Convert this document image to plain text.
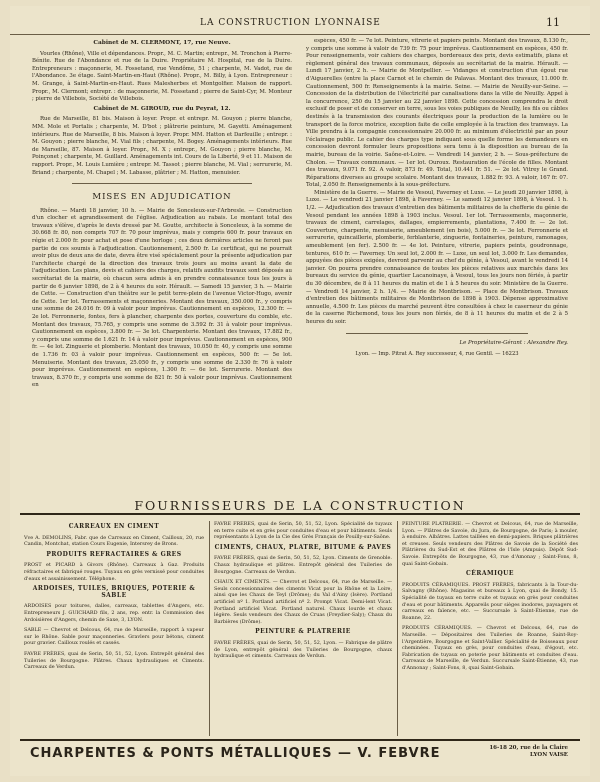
LA CONSTRUCTION LYONNAISE	11
Cabinet de M. CLERMONT, 17, rue Neuve.

Vourles (Rhône), Ville et dépendances. Propr., M. C. Martin; entrepr., M. Tronchon à Pierre-Bénite. Rue de l'Abondance et rue de la Duire. Propriétaire M. Hospital, rue de la Duire. Entrepreneurs : maçonnerie, M. Fossetand, rue Vendôme, 51 ; charpente, M. Vadot, rue de l'Abondance. 3e étage. Saint-Martin-en-Haut (Rhône). Propr., M. Billy, à Lyon. Entrepreneur : M. Grange, à Saint-Martin-en-Haut. Rues Malesherbes et Montgolfier. Maison de rapport. Propr., M. Clermont; entrepr. : de maçonnerie, M. Fossetand ; pierre de Saint-Cyr, M. Monteur ; pierre de Villebois, Société de Villebois.

Cabinet de M. GIROUD, rue du Peyrat, 12.

Rue de Marseille, 81 bis. Maison à loyer. Propr. et entrepr. M. Gouyon ; pierre blanche, MM. Mole et Portalis ; charpente, M. D'bot ; plâtrerie peinture, M. Gayetti. Aménagement intérieurs. Rue de Marseille, 8 bis. Maison à loyer. Propr. MM. Hatton et Darfeuille ; entrepr. : M. Gouyon ; pierre blanche, M. Vial fils ; charpente, M. Bogey. Aménagements intérieurs. Rue de Marseille, 87. Maison à loyer. Propr., M. X ; entrepr., M. Gouyon ; pierre blanche, M. Poinçonet ; charpente, M. Guillard. Aménagements int. Cours de la Liberté, 9 et 11. Maison de rapport. Propr., M. Louis Lumière ; entrepr. M. Tassot ; pierre blanche, M. Vial ; serrurerie, M. Briand ; charpente, M. Chapel ; M. Labasse, plâtrier ; M. Hatton, menuisier.

MISES EN ADJUDICATION

Rhône. — Mardi 18 janvier, 10 h. — Mairie de Sonceleux-sur-l'Arbresle. — Construction d'un clocher et agrandissement de l'église. Adjudication au rabais. Le montant total des travaux s'élève, d'après le devis dressé par M. Goutte, architecte à Sonceleux, à la somme de 30.668 fr. 80, non compris 707 fr. 70 pour imprévus, mais y compris 600 fr. pour travaux en régie et 2.000 fr. pour achat et pose d'une horloge ; ces deux dernières articles ne feront pas partie de ces soumis à l'adjudication. Cautionnement, 2.500 fr. Le certificat, qui ne pourrait avoir plus de deux ans de date, devra être visé spécialement pour la présente adjudication par l'architecte chargé de la direction des travaux trois jours au moins avant la date de l'adjudication. Les plans, devis et cahiers des charges, relatifs auxdits travaux sont déposés au secrétariat de la mairie, où chacun sera admis à en prendre connaissance tous les jours à partir de 6 janvier 1898, de 2 à 4 heures du soir. Hérault. — Samedi 15 janvier, 3 h. — Mairie de Cette. — Construction d'un théâtre sur le petit terre-plein de l'avenue Victor-Hugo, avenir de Cette. 1er lot. Terrassements et maçonneries. Montant des travaux, 350.000 fr., y compris une somme de 24.016 fr. 09 à valoir pour imprévus. Cautionnement en espèces, 12.300 fr. — 2e lot. Ferronnerie, fontes, fers à plancher, charpente des portes, couverture du comble, etc. Montant des travaux, 75.765, y compris une somme de 3.592 fr. 31 à valoir pour imprévus. Cautionnement en espèces, 3.800 fr. — 3e lot. Charpenterie. Montant des travaux, 17.882 fr., y compris une somme de 1.621 fr. 14 à valoir pour imprévus. Cautionnement en espèces, 900 fr. — 4e lot. Zinguerie et plomberie. Montant des travaux, 10.050 fr. 40, y compris une somme de 1.736 fr. 03 à valoir pour imprévus. Cautionnement en espèces, 500 fr. — 5e lot. Menuiserie. Montant des travaux, 25.050 fr., y compris une somme de 2.330 fr. 76 à valoir pour imprévus. Cautionnement en espèces, 1.300 fr. — 6e lot. Serrurerie. Montant des travaux, 8.370 fr., y compris une somme de 821 fr. 50 à valoir pour imprévus. Cautionnement en

espèces, 450 fr. — 7e lot. Peinture, vitrerie et papiers peints. Montant des travaux, 8.130 fr., y compris une somme à valoir de 739 fr. 75 pour imprévus. Cautionnement en espèces, 450 fr. Pour renseignements, voir cahiers des charges, bordereaux des prix, devis estimatifs, plans et règlement général des travaux communaux, déposés au secrétariat de la mairie. Hérault. — Lundi 17 janvier, 2 h. — Mairie de Montpellier. — Vidanges et construction d'un égout rue d'Aiguerelles (entre la place Carnot et le chemin de Palavas. Montant des travaux, 11.000 fr. Cautionnement, 500 fr. Renseignements à la mairie. Seine. — Mairie de Neuilly-sur-Seine. — Concession de la distribution de l'électricité par canalisations dans la ville de Neuilly. Appel à la concurrence, 250 du 15 janvier au 22 janvier 1898. Cette concession comprendra le droit exclusif de poser et de conserver en terre, sous les voies publiques de Neuilly, les fils ou câbles destinés à la transmission des courants électriques pour la production de la lumière ou le transport de la force motrice, exception faite de celle employée à la traction des tramways. La Ville prendra à la compagnie concessionnaire 20.000 fr. au minimum d'électricité par an pour l'éclairage public. Le cahier des charges type indiquant sous quelle forme les demandeurs en concession devront formuler leurs propositions sera tenu à la disposition au bureau de la mairie, bureau de la voirie. Saône-et-Loire. — Vendredi 14 janvier, 2 h. — Sous-préfecture de Cholon. — Travaux communaux. — 1er lot. Ouroux. Restauration de l'école de filles. Montant des travaux, 9.071 fr. 92. A valoir, 873 fr. 49. Total, 10.441 fr. 51. — 2e lot. Vitrey le Grand. Réparations diverses au groupe scolaire. Montant des travaux, 1.882 fr. 93. A valoir, 167 fr. 07. Total, 2.050 fr. Renseignements à la sous-préfecture.

Ministère de la Guerre. — Mairie de Vesoul, Faverney et Luxe. — Le jeudi 20 janvier 1898, à Luxe. — Le vendredi 21 janvier 1898, à Faverney. — Le samedi 12 janvier 1898, à Vesoul. 1 h. 1/2. — Adjudication des travaux d'entretien des bâtiments militaires de la chefferie du génie de Vesoul pendant les années 1898 à 1903 inclus. Vesoul. 1er lot. Terrassements, maçonnerie, travaux de ciment, carrelages, dallages, empierrements, plantations, 7.400 fr. — 2e lot. Couverture, charpente, menuiserie, ameublement (en bois), 5.000 fr. — 3e lot. Ferronnerie et serrurerie, quincaillerie, plomberie, ferblanterie, zinguerie, fontaineries, peinture, ramonages, ameublement (en fer). 2.500 fr. — 4e lot. Peinture, vitrerie, papiers peints, goudronnage, tentures, 610 fr. — Faverney. Un seul lot, 2.000 fr. — Luxe, un seul lot, 3.000 fr. Les demandes, appuyées des pièces exigées, devront parvenir au chef du génie, à Vesoul, avant le vendredi 14 janvier. On pourra prendre connaissance de toutes les pièces relatives aux marchés dans les bureaux du service du génie, quartier Lacanoinaye, à Vesoul, tous les jours non fériés, à partir du 30 décembre, de 8 à 11 heures du matin et de 1 à 5 heures du soir. Ministère de la Guerre. — Vendredi 14 janvier, 2 h. 1/4. — Mairie de Montbrison. — Place de Montbrison. Travaux d'entretien des bâtiments militaires de Montbrison de 1898 à 1903. Dépense approximative annuelle, 4.500 fr. Les pièces du marché peuvent être consultées à chez le caserneur du génie de la caserne Richemond, tous les jours non fériés, de 8 à 11 heures du matin et de 2 à 5 heures du soir.

Le Propriétaire-Gérant : Alexandre Rey.
Lyon. — Imp. Pitrat A. Rey successeur, 4, rue Gentil. — 16223
FOURNISSEURS DE LA CONSTRUCTION
CARREAUX EN CIMENT

Vve A. DEMOLINS, Fabr. que de Carreaux en Ciment, Cailloux, 20, rue Candin, Montchat, station Cours Eugenie, Intersrey de Brons.

PRODUITS REFRACTAIRES & GRES

PROST et PICARD à Givors (Rhône). Carreaux à Gaz. Produits réfractaires et fabriqué rouges. Tuyaux en grès vernissé pour conduites d'eaux et assainissement. Téléphone.

ARDOISES, TUILES, BRIQUES, POTERIE & SABLE

ARDOISES pour toitures, dalles, carreaux, tablettes d'Angers, etc. Entrepreneurs J. GUICHARD fils, 2 ans, rep. entr. la Commission des Ardoisières d'Angers, chemin de Saxe, 3, LYON.

SABLE — Chevrot et Delcous, 64, rue de Marseille, rapport à vapeur sur le Rhône. Sable pour maçonneries. Gravlers pour bétons, ciment pour gravier. Cailloux roulés et cassés.

FAVRE FRÈRES, quai de Serin, 50, 51, 52, Lyon. Entrepôt général des Tuileries de Bourgogne. Plâtres. Chaux hydrauliques et Ciments. Carreaux de Verdun.

FAVRE FRÈRES, quai de Serin, 50, 51, 52, Lyon. Spécialité de tuyaux en terre cuite et en grès pour conduites d'eau et pour bâtiments. Seuls représentants à Lyon de la Cie des Grès Français de Pouilly-sur-Saône.

CIMENTS, CHAUX, PLATRE, BITUME & PAVES

FAVRE FRÈRES, quai de Serin, 50, 51, 52, Lyon. Ciments de Grenoble. Chaux hydraulique et plâtres. Entrepôt général des Tuileries de Bourgogne. Carreaux de Verdun.

CHAUX ET CIMENTS. — Chevrot et Delcous, 64, rue de Marseille. — Seuls concessionnaires des ciments Vicat pour la Rhône et la Loire, ainsi que les Chaux de Teyl (Drôme); du Val d'Ainy (Isère). Portland artificiel nº 1. Portland artificiel nº 2. Prompt Vicat. Demi-lent Vicat. Portland artificiel Vicat. Portland naturel. Chaux lourde et chaux légère. Seuls vendeurs des Chaux de Cruas (Freydier-Saly); Chaux du Barbières (Drôme).

PEINTURE & PLATRERIE

FAVRE FRÈRES, quai de Serin, 50, 51, 52, Lyon. — Fabrique de plâtre de Lyon, entrepôt général des Tuileries de Bourgogne, chaux hydraulique et ciments. Carreaux de Verdun.

PEINTURE PLATRERIE. — Chevrot et Delcous, 64, rue de Marseille, Lyon. — Plâtres de Savoie, du Jura, de Bourgogne, de Paris; à mouler, à enduire. Albâtres. Lattes taillées en demi-papiers. Briques plâtrières et creuses. Seuls vendeurs des Plâtres de Savoie de la Société des Plâtrières du Sud-Est et des Plâtres de l'Isle (Ampuis). Dépôt Sud-Savoie. Entrepôts de Bourgogne, 43, rue d'Amonay ; Saint-Fons, 8, quai Saint-Gobain.

CÉRAMIQUE

PRODUITS CÉRAMIQUES. PROST FRÈRES, fabricants à la Tour-du-Salvagny (Rhône). Magasins et bureaux à Lyon, quai de Bondy, 15. Spécialité de tuyaux en terre cuite et tuyaux en grès pour conduites d'eau et pour bâtiments. Appareils pour sièges inodores, paysagers et carreaux en faïence, etc. — Succursale à Saint-Étienne, rue de Roanne, 22.

PRODUITS CÉRAMIQUES. — Chevrot et Delcous, 64, rue de Marseille. — Dépositaires des Tuileries de Roanne, Saint-Roy-l'Argentière, Bourgogne et Saint-Vallier. Spécialité de Boisseaux pour cheminées. Tuyaux en grès, pour conduites d'eau, d'égout, etc. Fabrication de tuyaux en poterie pour bâtiments et conduites d'eau. Carreaux de Marseille, de Verdun. Succursale Saint-Étienne, 43, rue d'Annonay ; Saint-Fons, 8, quai Saint-Gobain.

CHARPENTES & PONTS MÉTALLIQUES — V. FEBVRE	16-18 20, rue de la Claire
LYON VAISE
